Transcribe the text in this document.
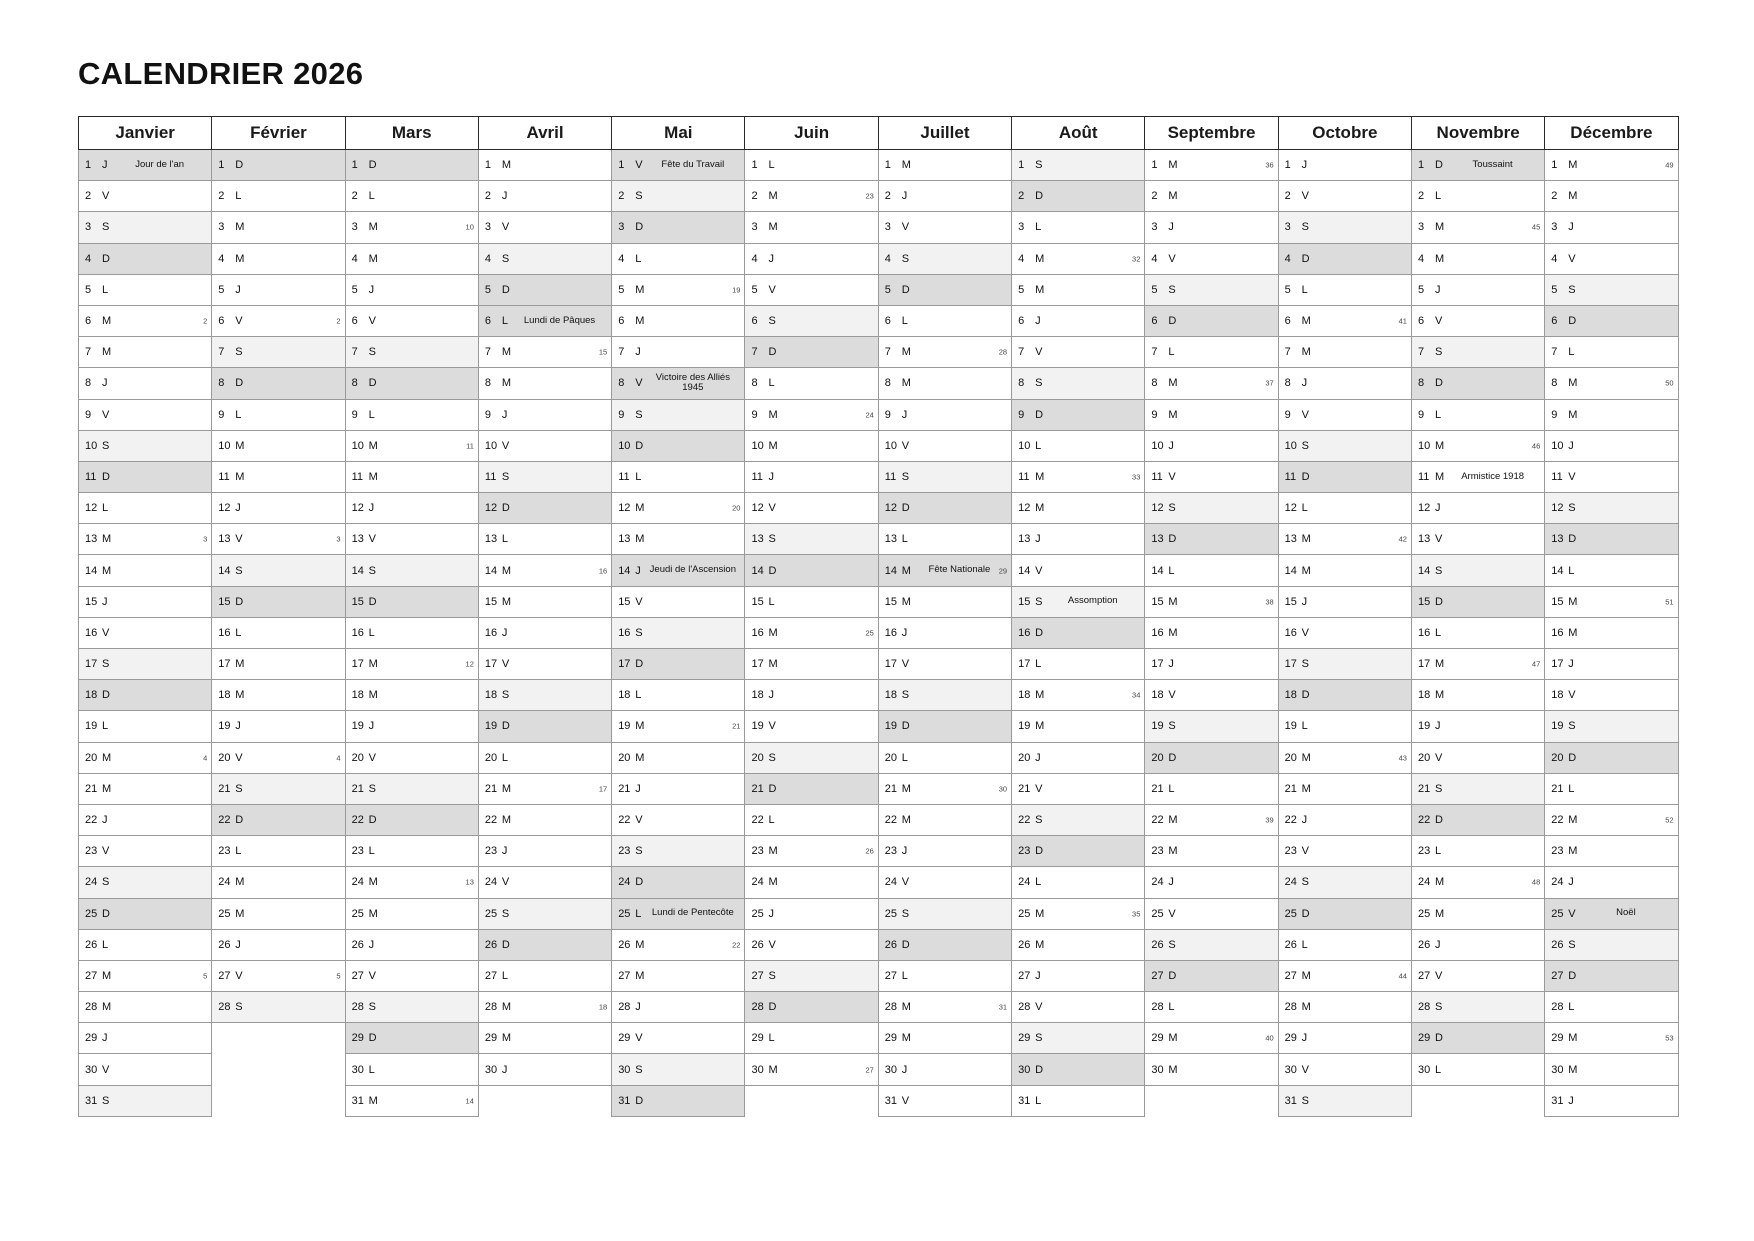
CALENDRIER 2026
Janvier	Février	Mars	Avril	Mai	Juin	Juillet	Août	Septembre	Octobre	Novembre	Décembre

1 J Jour de l'an	1 D	1 D	1 M	1 V Fête du Travail	1 L	1 M	1 S	1 M 36	1 J	1 D Toussaint	1 M 49

2 V	2 L	2 L	2 J	2 S	2 M 23	2 J	2 D	2 M	2 V	2 L	2 M

3 S	3 M	3 M 10	3 V	3 D	3 M	3 V	3 L	3 J	3 S	3 M 45	3 J

4 D	4 M	4 M	4 S	4 L	4 J	4 S	4 M 32	4 V	4 D	4 M	4 V

5 L	5 J	5 J	5 D	5 M 19	5 V	5 D	5 M	5 S	5 L	5 J	5 S

6 M 2	6 V 2	6 V	6 L Lundi de Pâques	6 M	6 S	6 L	6 J	6 D	6 M 41	6 V	6 D

7 M	7 S	7 S	7 M 15	7 J	7 D	7 M 28	7 V	7 L	7 M	7 S	7 L

8 J	8 D	8 D	8 M	8 V Victoire des Alliés 1945	8 L	8 M	8 S	8 M 37	8 J	8 D	8 M 50

9 V	9 L	9 L	9 J	9 S	9 M 24	9 J	9 D	9 M	9 V	9 L	9 M

10 S	10 M	10 M 11	10 V	10 D	10 M	10 V	10 L	10 J	10 S	10 M 46	10 J

11 D	11 M	11 M	11 S	11 L	11 J	11 S	11 M 33	11 V	11 D	11 M Armistice 1918	11 V

12 L	12 J	12 J	12 D	12 M 20	12 V	12 D	12 M	12 S	12 L	12 J	12 S

13 M 3	13 V 3	13 V	13 L	13 M	13 S	13 L	13 J	13 D	13 M 42	13 V	13 D

14 M	14 S	14 S	14 M 16	14 J Jeudi de l'Ascension	14 D	14 M Fête Nationale 29	14 V	14 L	14 M	14 S	14 L

15 J	15 D	15 D	15 M	15 V	15 L	15 M	15 S Assomption	15 M 38	15 J	15 D	15 M 51

16 V	16 L	16 L	16 J	16 S	16 M 25	16 J	16 D	16 M	16 V	16 L	16 M

17 S	17 M	17 M 12	17 V	17 D	17 M	17 V	17 L	17 J	17 S	17 M 47	17 J

18 D	18 M	18 M	18 S	18 L	18 J	18 S	18 M 34	18 V	18 D	18 M	18 V

19 L	19 J	19 J	19 D	19 M 21	19 V	19 D	19 M	19 S	19 L	19 J	19 S

20 M 4	20 V 4	20 V	20 L	20 M	20 S	20 L	20 J	20 D	20 M 43	20 V	20 D

21 M	21 S	21 S	21 M 17	21 J	21 D	21 M 30	21 V	21 L	21 M	21 S	21 L

22 J	22 D	22 D	22 M	22 V	22 L	22 M	22 S	22 M 39	22 J	22 D	22 M 52

23 V	23 L	23 L	23 J	23 S	23 M 26	23 J	23 D	23 M	23 V	23 L	23 M

24 S	24 M	24 M 13	24 V	24 D	24 M	24 V	24 L	24 J	24 S	24 M 48	24 J

25 D	25 M	25 M	25 S	25 L Lundi de Pentecôte	25 J	25 S	25 M 35	25 V	25 D	25 M	25 V Noël

26 L	26 J	26 J	26 D	26 M 22	26 V	26 D	26 M	26 S	26 L	26 J	26 S

27 M 5	27 V 5	27 V	27 L	27 M	27 S	27 L	27 J	27 D	27 M 44	27 V	27 D

28 M	28 S	28 S	28 M 18	28 J	28 D	28 M 31	28 V	28 L	28 M	28 S	28 L

29 J		29 D	29 M	29 V	29 L	29 M	29 S	29 M 40	29 J	29 D	29 M 53

30 V		30 L	30 J	30 S	30 M 27	30 J	30 D	30 M	30 V	30 L	30 M

31 S		31 M 14		31 D		31 V	31 L		31 S		31 J
